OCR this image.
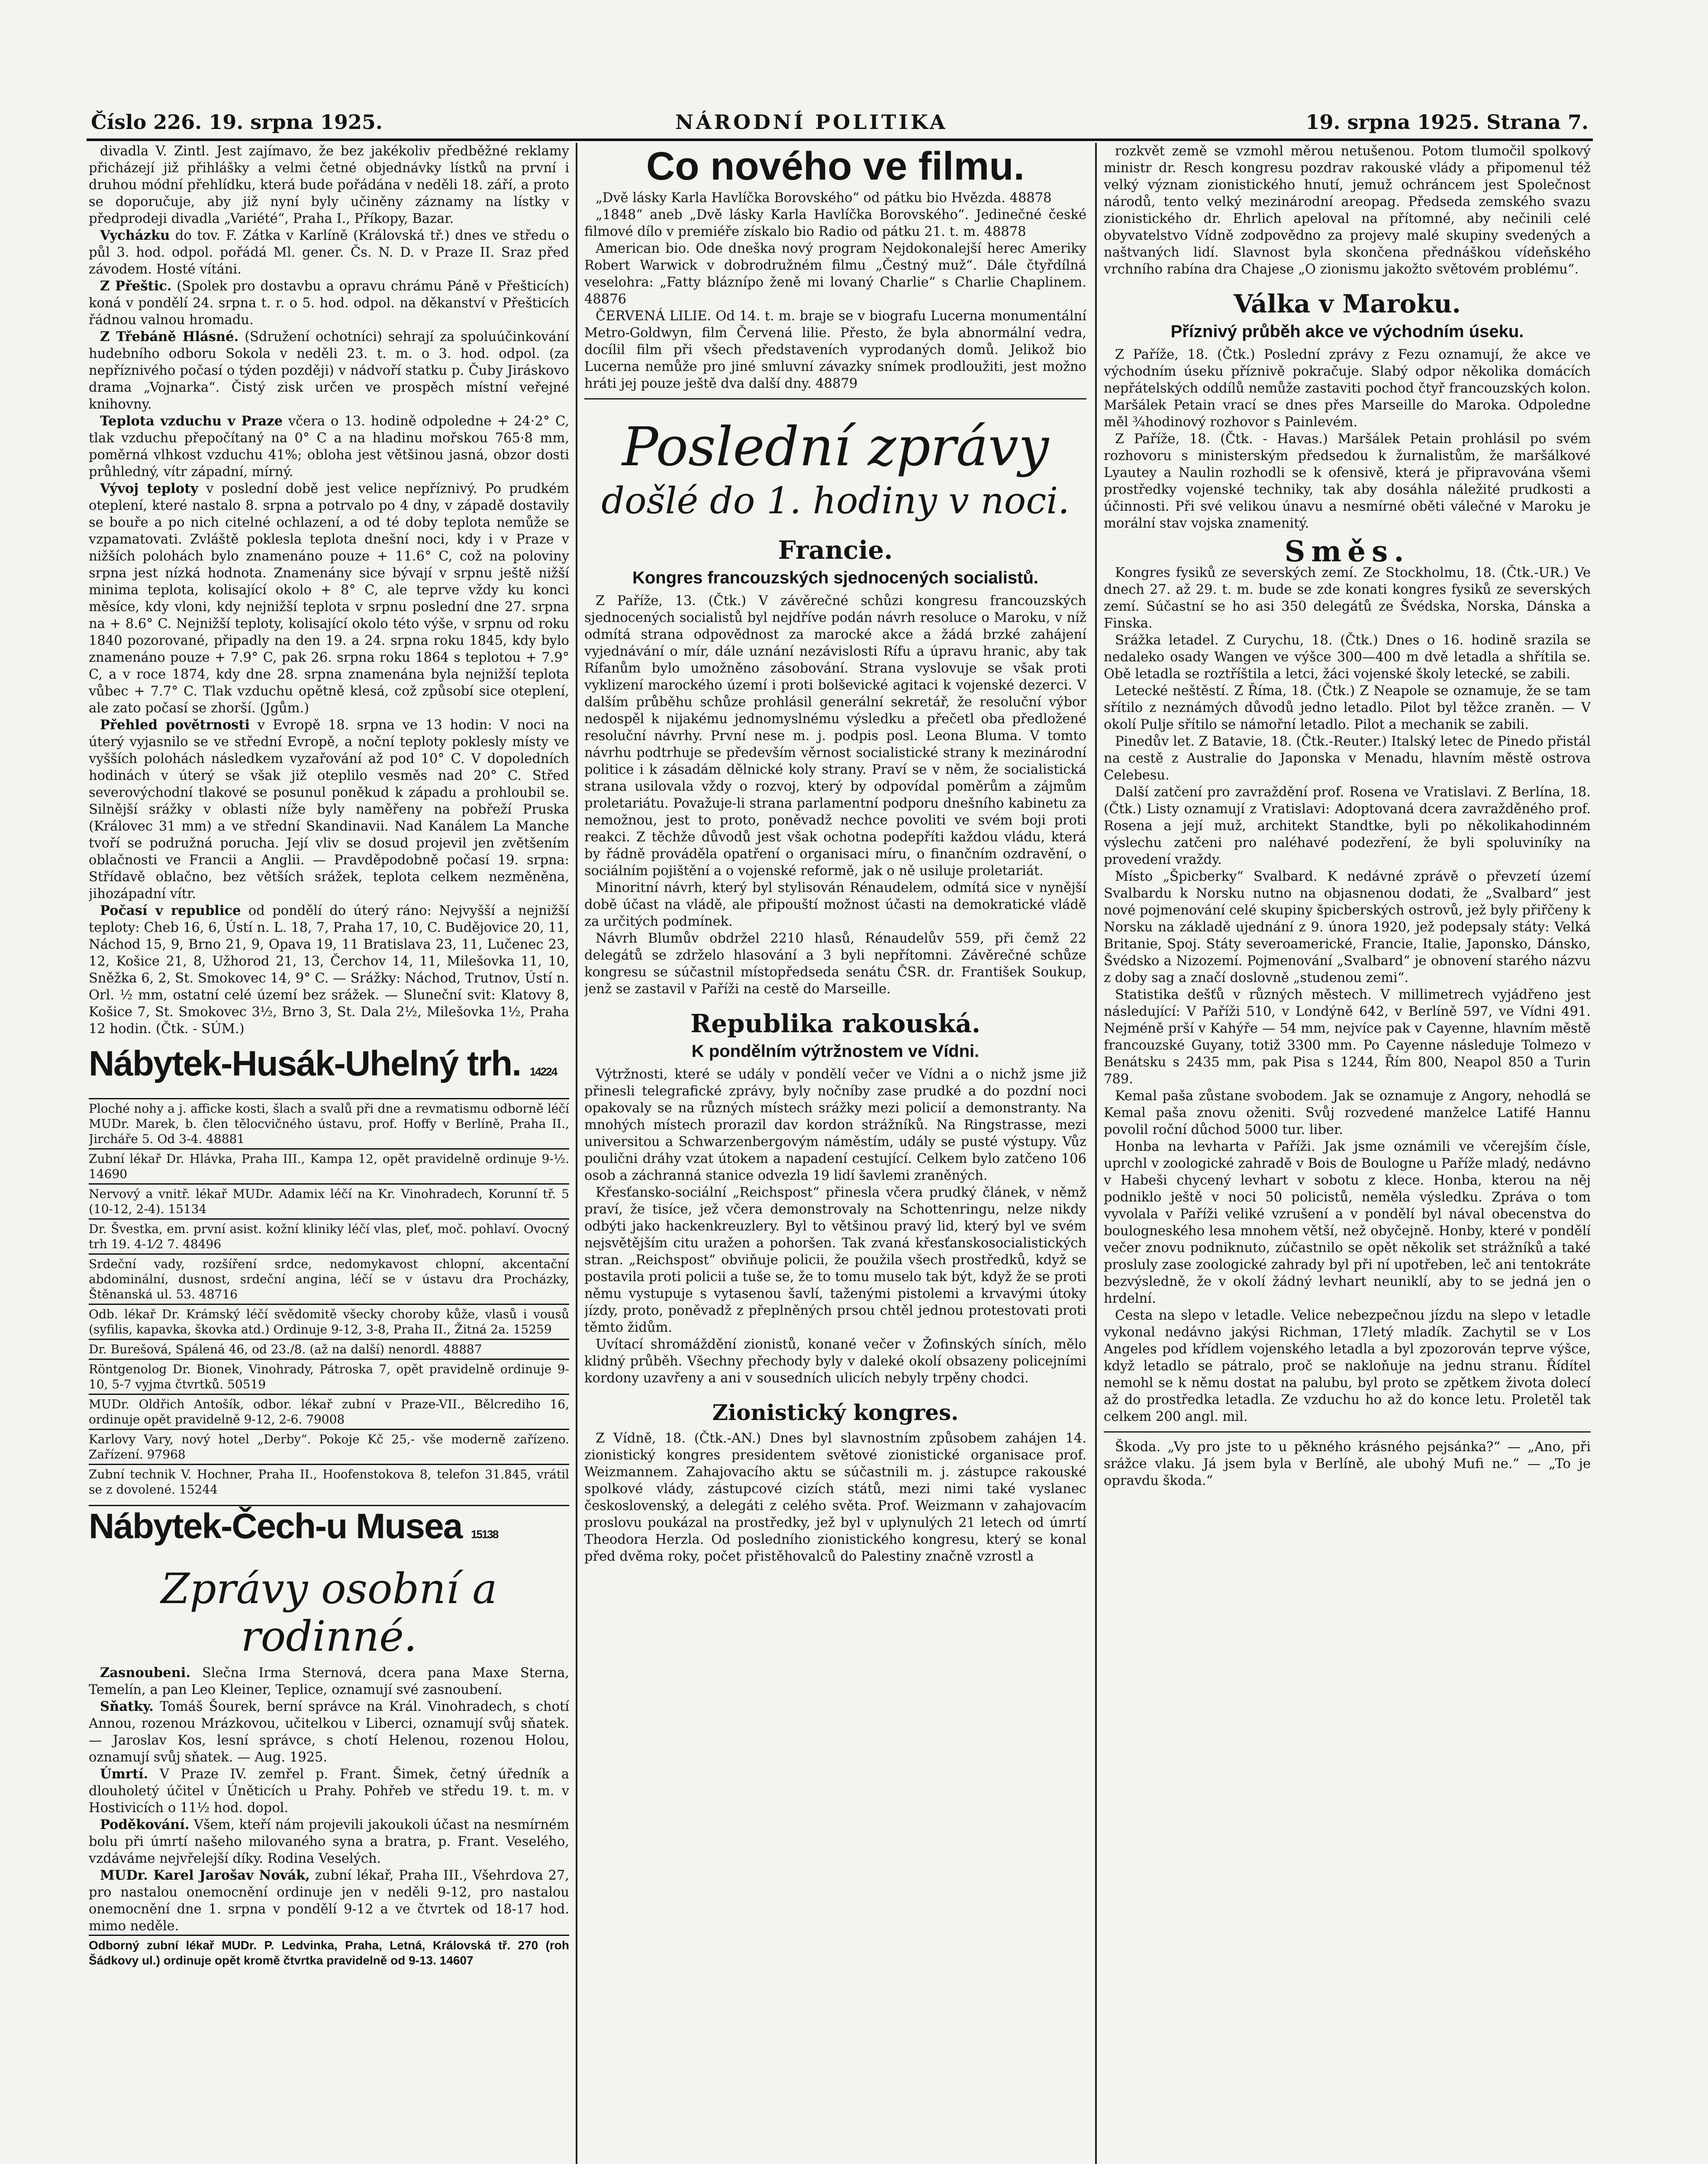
Číslo 226. 19. srpna 1925.	NÁRODNÍ POLITIKA	19. srpna 1925. Strana 7.

divadla V. Zintl. Jest zajímavo, že bez jakékoliv předběžné reklamy přicházejí již přihlášky a velmi četné objednávky lístků na první i druhou módní přehlídku, která bude pořádána v neděli 18. září, a proto se doporučuje, aby již nyní byly učiněny záznamy na lístky v předprodeji divadla „Variété“, Praha I., Příkopy, Bazar.

Vycházku do tov. F. Zátka v Karlíně (Královská tř.) dnes ve středu o půl 3. hod. odpol. pořádá Ml. gener. Čs. N. D. v Praze II. Sraz před závodem. Hosté vítáni.

Z Přeštic. (Spolek pro dostavbu a opravu chrámu Páně v Přešticích) koná v pondělí 24. srpna t. r. o 5. hod. odpol. na děkanství v Přešticích řádnou valnou hromadu.

Z Třebáně Hlásné. (Sdružení ochotníci) sehrají za spoluúčinkování hudebního odboru Sokola v neděli 23. t. m. o 3. hod. odpol. (za nepříznivého počasí o týden později) v nádvoří statku p. Čuby Jiráskovo drama „Vojnarka“. Čistý zisk určen ve prospěch místní veřejné knihovny.

Teplota vzduchu v Praze včera o 13. hodině odpoledne + 24·2° C, tlak vzduchu přepočítaný na 0° C a na hladinu mořskou 765·8 mm, poměrná vlhkost vzduchu 41%; obloha jest většinou jasná, obzor dosti průhledný, vítr západní, mírný.

Vývoj teploty v poslední době jest velice nepříznivý. Po prudkém oteplení, které nastalo 8. srpna a potrvalo po 4 dny, v západě dostavily se bouře a po nich citelné ochlazení, a od té doby teplota nemůže se vzpamatovati. Zvláště poklesla teplota dnešní noci, kdy i v Praze v nižších polohách bylo znamenáno pouze + 11.6° C, což na poloviny srpna jest nízká hodnota. Znamenány sice bývají v srpnu ještě nižší minima teplota, kolisající okolo + 8° C, ale teprve vždy ku konci měsíce, kdy vloni, kdy nejnižší teplota v srpnu poslední dne 27. srpna na + 8.6° C. Nejnižší teploty, kolisající okolo této výše, v srpnu od roku 1840 pozorované, připadly na den 19. a 24. srpna roku 1845, kdy bylo znamenáno pouze + 7.9° C, pak 26. srpna roku 1864 s teplotou + 7.9° C, a v roce 1874, kdy dne 28. srpna znamenána byla nejnižší teplota vůbec + 7.7° C. Tlak vzduchu opětně klesá, což způsobí sice oteplení, ale zato počasí se zhorší. (Jgům.)

Přehled povětrnosti v Evropě 18. srpna ve 13 hodin: V noci na úterý vyjasnilo se ve střední Evropě, a noční teploty poklesly místy ve vyšších polohách následkem vyzařování až pod 10° C. V dopoledních hodinách v úterý se však již oteplilo vesměs nad 20° C. Střed severovýchodní tlakové se posunul poněkud k západu a prohloubil se. Silnější srážky v oblasti níže byly naměřeny na pobřeží Pruska (Královec 31 mm) a ve střední Skandinavii. Nad Kanálem La Manche tvoří se podružná porucha. Její vliv se dosud projevil jen zvětšením oblačnosti ve Francii a Anglii. — Pravděpodobně počasí 19. srpna: Střídavě oblačno, bez větších srážek, teplota celkem nezměněna, jihozápadní vítr.

Počasí v republice od pondělí do úterý ráno: Nejvyšší a nejnižší teploty: Cheb 16, 6, Ústí n. L. 18, 7, Praha 17, 10, C. Budějovice 20, 11, Náchod 15, 9, Brno 21, 9, Opava 19, 11 Bratislava 23, 11, Lučenec 23, 12, Košice 21, 8, Užhorod 21, 13, Čerchov 14, 11, Milešovka 11, 10, Sněžka 6, 2, St. Smokovec 14, 9° C. — Srážky: Náchod, Trutnov, Ústí n. Orl. ½ mm, ostatní celé území bez srážek. — Sluneční svit: Klatovy 8, Košice 7, St. Smokovec 3½, Brno 3, St. Dala 2½, Milešovka 1½, Praha 12 hodin. (Čtk. - SÚM.)

Nábytek-Husák-Uhelný trh. 14224
Ploché nohy a j. afficke kosti, šlach a svalů při dne a revmatismu odborně léčí MUDr. Marek, b. člen tělocvičného ústavu, prof. Hoffy v Berlíně, Praha II., Jircháře 5. Od 3-4. 48881
Zubní lékař Dr. Hlávka, Praha III., Kampa 12, opět pravidelně ordinuje 9-½. 14690
Nervový a vnitř. lékař MUDr. Adamix léčí na Kr. Vinohradech, Korunní tř. 5 (10-12, 2-4). 15134
Dr. Švestka, em. první asist. kožní kliniky léčí vlas, pleť, moč. pohlaví. Ovocný trh 19. 4-1⁄2 7. 48496
Srdeční vady, rozšíření srdce, nedomykavost chlopní, akcentační abdominální, dusnost, srdeční angina, léčí se v ústavu dra Procházky, Štěnanská ul. 53. 48716
Odb. lékař Dr. Krámský léčí svědomitě všecky choroby kůže, vlasů i vousů (syfilis, kapavka, škovka atd.) Ordinuje 9-12, 3-8, Praha II., Žitná 2a. 15259
Dr. Burešová, Spálená 46, od 23./8. (až na další) nenordl. 48887
Röntgenolog Dr. Bionek, Vinohrady, Pátroska 7, opět pravidelně ordinuje 9-10, 5-7 vyjma čtvrtků. 50519
MUDr. Oldřich Antošík, odbor. lékař zubní v Praze-VII., Bělcrediho 16, ordinuje opět pravidelně 9-12, 2-6. 79008
Karlovy Vary, nový hotel „Derby“. Pokoje Kč 25,- vše moderně zařízeno. Zařízení. 97968
Zubní technik V. Hochner, Praha II., Hoofenstokova 8, telefon 31.845, vrátil se z dovolené. 15244
Nábytek-Čech-u Musea 15138
Zprávy osobní a rodinné.

Zasnoubeni. Slečna Irma Sternová, dcera pana Maxe Sterna, Temelín, a pan Leo Kleiner, Teplice, oznamují své zasnoubení.

Sňatky. Tomáš Šourek, berní správce na Král. Vinohradech, s chotí Annou, rozenou Mrázkovou, učitelkou v Liberci, oznamují svůj sňatek. — Jaroslav Kos, lesní správce, s chotí Helenou, rozenou Holou, oznamují svůj sňatek. — Aug. 1925.

Úmrtí. V Praze IV. zemřel p. Frant. Šimek, četný úředník a dlouholetý účitel v Úněticích u Prahy. Pohřeb ve středu 19. t. m. v Hostivicích o 11½ hod. dopol.

Poděkování. Všem, kteří nám projevili jakoukoli účast na nesmírném bolu při úmrtí našeho milovaného syna a bratra, p. Frant. Veselého, vzdáváme nejvřelejší díky. Rodina Veselých.

MUDr. Karel Jarošav Novák, zubní lékař, Praha III., Všehrdova 27, pro nastalou onemocnění ordinuje jen v neděli 9-12, pro nastalou onemocnění dne 1. srpna v pondělí 9-12 a ve čtvrtek od 18-17 hod. mimo neděle.

Odborný zubní lékař MUDr. P. Ledvinka, Praha, Letná, Královská tř. 270 (roh Šádkovy ul.) ordinuje opět kromě čtvrtka pravidelně od 9-13. 14607

Co nového ve filmu.

„Dvě lásky Karla Havlíčka Borovského“ od pátku bio Hvězda. 48878

„1848“ aneb „Dvě lásky Karla Havlíčka Borovského“. Jedinečné české filmové dílo v premiéře získalo bio Radio od pátku 21. t. m. 48878

American bio. Ode dneška nový program Nejdokonalejší herec Ameriky Robert Warwick v dobrodružném filmu „Čestný muž“. Dále čtyřdílná veselohra: „Fatty bláznípo ženě mi lovaný Charlie“ s Charlie Chaplinem. 48876

ČERVENÁ LILIE. Od 14. t. m. braje se v biografu Lucerna monumentální Metro-Goldwyn, film Červená lilie. Přesto, že byla abnormální vedra, docílil film při všech představeních vyprodaných domů. Jelikož bio Lucerna nemůže pro jiné smluvní závazky snímek prodloužiti, jest možno hráti jej pouze ještě dva další dny. 48879

Poslední zprávy
došlé do 1. hodiny v noci.
Francie.
Kongres francouzských sjednocených socialistů.

Z Paříže, 13. (Čtk.) V závěrečné schůzi kongresu francouzských sjednocených socialistů byl nejdříve podán návrh resoluce o Maroku, v níž odmítá strana odpovědnost za marocké akce a žádá brzké zahájení vyjednávání o mír, dále uznání nezávislosti Rífu a úpravu hranic, aby tak Rífanům bylo umožněno zásobování. Strana vyslovuje se však proti vyklizení marockého území i proti bolševické agitaci k vojenské dezerci. V dalším průběhu schůze prohlásil generální sekretář, že resoluční výbor nedospěl k nijakému jednomyslnému výsledku a přečetl oba předložené resoluční návrhy. První nese m. j. podpis posl. Leona Bluma. V tomto návrhu podtrhuje se především věrnost socialistické strany k mezinárodní politice i k zásadám dělnické koly strany. Praví se v něm, že socialistická strana usilovala vždy o rozvoj, který by odpovídal poměrům a zájmům proletariátu. Považuje-li strana parlamentní podporu dnešního kabinetu za nemožnou, jest to proto, poněvadž nechce povoliti ve svém boji proti reakci. Z těchže důvodů jest však ochotna podepříti každou vládu, která by řádně prováděla opatření o organisaci míru, o finančním ozdravění, o sociálním pojištění a o vojenské reformě, jak o ně usiluje proletariát.

Minoritní návrh, který byl stylisován Rénaudelem, odmítá sice v nynější době účast na vládě, ale připouští možnost účasti na demokratické vládě za určitých podmínek.

Návrh Blumův obdržel 2210 hlasů, Rénaudelův 559, při čemž 22 delegátů se zdrželo hlasování a 3 byli nepřítomni. Závěrečné schůze kongresu se súčastnil místopředseda senátu ČSR. dr. František Soukup, jenž se zastavil v Paříži na cestě do Marseille.

Republika rakouská.
K pondělním výtržnostem ve Vídni.

Výtržnosti, které se udály v pondělí večer ve Vídni a o nichž jsme již přinesli telegrafické zprávy, byly nočníby zase prudké a do pozdní noci opakovaly se na různých místech srážky mezi policií a demonstranty. Na mnohých místech prorazil dav kordon strážníků. Na Ringstrasse, mezi universitou a Schwarzenbergovým náměstím, udály se pusté výstupy. Vůz poulični dráhy vzat útokem a napadení cestující. Celkem bylo zatčeno 106 osob a záchranná stanice odvezla 19 lidí šavlemi zraněných.

Křesťansko-sociální „Reichspost“ přinesla včera prudký článek, v němž praví, že tisíce, jež včera demonstrovaly na Schottenringu, nelze nikdy odbýti jako hackenkreuzlery. Byl to většinou pravý lid, který byl ve svém nejsvětějším citu uražen a pohoršen. Tak zvaná křesťanskosocialistických stran. „Reichspost“ obviňuje policii, že použila všech prostředků, když se postavila proti policii a tuše se, že to tomu muselo tak být, když že se proti němu vystupuje s vytasenou šavlí, taženými pistolemi a krvavými útoky jízdy, proto, poněvadž z přeplněných prsou chtěl jednou protestovati proti těmto židům.

Uvítací shromáždění zionistů, konané večer v Žofinských síních, mělo klidný průběh. Všechny přechody byly v daleké okolí obsazeny policejními kordony uzavřeny a ani v sousedních ulicích nebyly trpěny chodci.

Zionistický kongres.

Z Vídně, 18. (Čtk.-AN.) Dnes byl slavnostním způsobem zahájen 14. zionistický kongres presidentem světové zionistické organisace prof. Weizmannem. Zahajovacího aktu se súčastnili m. j. zástupce rakouské spolkové vlády, zástupcové cizích států, mezi nimi také vyslanec československý, a delegáti z celého světa. Prof. Weizmann v zahajovacím proslovu poukázal na prostředky, jež byl v uplynulých 21 letech od úmrtí Theodora Herzla. Od posledního zionistického kongresu, který se konal před dvěma roky, počet přistěhovalců do Palestiny značně vzrostl a

rozkvět země se vzmohl měrou netušenou. Potom tlumočil spolkový ministr dr. Resch kongresu pozdrav rakouské vlády a připomenul též velký význam zionistického hnutí, jemuž ochráncem jest Společnost národů, tento velký mezinárodní areopag. Předseda zemského svazu zionistického dr. Ehrlich apeloval na přítomné, aby nečinili celé obyvatelstvo Vídně zodpovědno za projevy malé skupiny svedených a naštvaných lidí. Slavnost byla skončena přednáškou vídeňského vrchního rabína dra Chajese „O zionismu jakožto světovém problému“.

Válka v Maroku.
Příznivý průběh akce ve východním úseku.

Z Paříže, 18. (Čtk.) Poslední zprávy z Fezu oznamují, že akce ve východním úseku příznivě pokračuje. Slabý odpor několika domácích nepřátelských oddílů nemůže zastaviti pochod čtyř francouzských kolon. Maršálek Petain vrací se dnes přes Marseille do Maroka. Odpoledne měl ¾hodinový rozhovor s Painlevém.

Z Paříže, 18. (Čtk. - Havas.) Maršálek Petain prohlásil po svém rozhovoru s ministerským předsedou k žurnalistům, že maršálkové Lyautey a Naulin rozhodli se k ofensivě, která je připravována všemi prostředky vojenské techniky, tak aby dosáhla náležité prudkosti a účinnosti. Při své velikou únavu a nesmírné oběti válečné v Maroku je morální stav vojska znamenitý.

Směs.

Kongres fysiků ze severských zemí. Ze Stockholmu, 18. (Čtk.-UR.) Ve dnech 27. až 29. t. m. bude se zde konati kongres fysiků ze severských zemí. Súčastní se ho asi 350 delegátů ze Švédska, Norska, Dánska a Finska.

Srážka letadel. Z Curychu, 18. (Čtk.) Dnes o 16. hodině srazila se nedaleko osady Wangen ve výšce 300—400 m dvě letadla a shřítila se. Obě letadla se roztříštila a letci, žáci vojenské školy letecké, se zabili.

Letecké neštěstí. Z Říma, 18. (Čtk.) Z Neapole se oznamuje, že se tam sřítilo z neznámých důvodů jedno letadlo. Pilot byl těžce zraněn. — V okolí Pulje sřítilo se námořní letadlo. Pilot a mechanik se zabili.

Pinedův let. Z Batavie, 18. (Čtk.-Reuter.) Italský letec de Pinedo přistál na cestě z Australie do Japonska v Menadu, hlavním městě ostrova Celebesu.

Další zatčení pro zavraždění prof. Rosena ve Vratislavi. Z Berlína, 18. (Čtk.) Listy oznamují z Vratislavi: Adoptovaná dcera zavražděného prof. Rosena a její muž, architekt Standtke, byli po několikahodinném výslechu zatčeni pro naléhavé podezření, že byli spoluviníky na provedení vraždy.

Místo „Špicberky“ Svalbard. K nedávné zprávě o převzetí území Svalbardu k Norsku nutno na objasnenou dodati, že „Svalbard“ jest nové pojmenování celé skupiny špicberských ostrovů, jež byly přiřčeny k Norsku na základě ujednání z 9. února 1920, jež podepsaly státy: Velká Britanie, Spoj. Státy severoamerické, Francie, Italie, Japonsko, Dánsko, Švédsko a Nizozemí. Pojmenování „Svalbard“ je obnovení starého názvu z doby sag a značí doslovně „studenou zemi“.

Statistika dešťů v různých městech. V millimetrech vyjádřeno jest následující: V Paříži 510, v Londýně 642, v Berlíně 597, ve Vídni 491. Nejméně prší v Kahýře — 54 mm, nejvíce pak v Cayenne, hlavním městě francouzské Guyany, totiž 3300 mm. Po Cayenne následuje Tolmezo v Benátsku s 2435 mm, pak Pisa s 1244, Řím 800, Neapol 850 a Turin 789.

Kemal paša zůstane svobodem. Jak se oznamuje z Angory, nehodlá se Kemal paša znovu oženiti. Svůj rozvedené manželce Latifé Hannu povolil roční důchod 5000 tur. liber.

Honba na levharta v Paříži. Jak jsme oznámili ve včerejším čísle, uprchl v zoologické zahradě v Bois de Boulogne u Paříže mladý, nedávno v Habeši chycený levhart v sobotu z klece. Honba, kterou na něj podniklo ještě v noci 50 policistů, neměla výsledku. Zpráva o tom vyvolala v Paříži veliké vzrušení a v pondělí byl nával obecenstva do boulogneského lesa mnohem větší, než obyčejně. Honby, které v pondělí večer znovu podniknuto, zúčastnilo se opět několik set strážníků a také prosluly zase zoologické zahrady byl při ní upotřeben, leč ani tentokráte bezvýsledně, že v okolí žádný levhart neuniklí, aby to se jedná jen o hrdelní.

Cesta na slepo v letadle. Velice nebezpečnou jízdu na slepo v letadle vykonal nedávno jakýsi Richman, 17letý mladík. Zachytil se v Los Angeles pod křídlem vojenského letadla a byl zpozorován teprve výšce, když letadlo se pátralo, proč se nakloňuje na jednu stranu. Řídítel nemohl se k němu dostat na palubu, byl proto se zpětkem života dolecí až do prostředka letadla. Ze vzduchu ho až do konce letu. Proletěl tak celkem 200 angl. mil.

Škoda. „Vy pro jste to u pěkného krásného pejsánka?“ — „Ano, při srážce vlaku. Já jsem byla v Berlíně, ale ubohý Mufi ne.“ — „To je opravdu škoda.“
